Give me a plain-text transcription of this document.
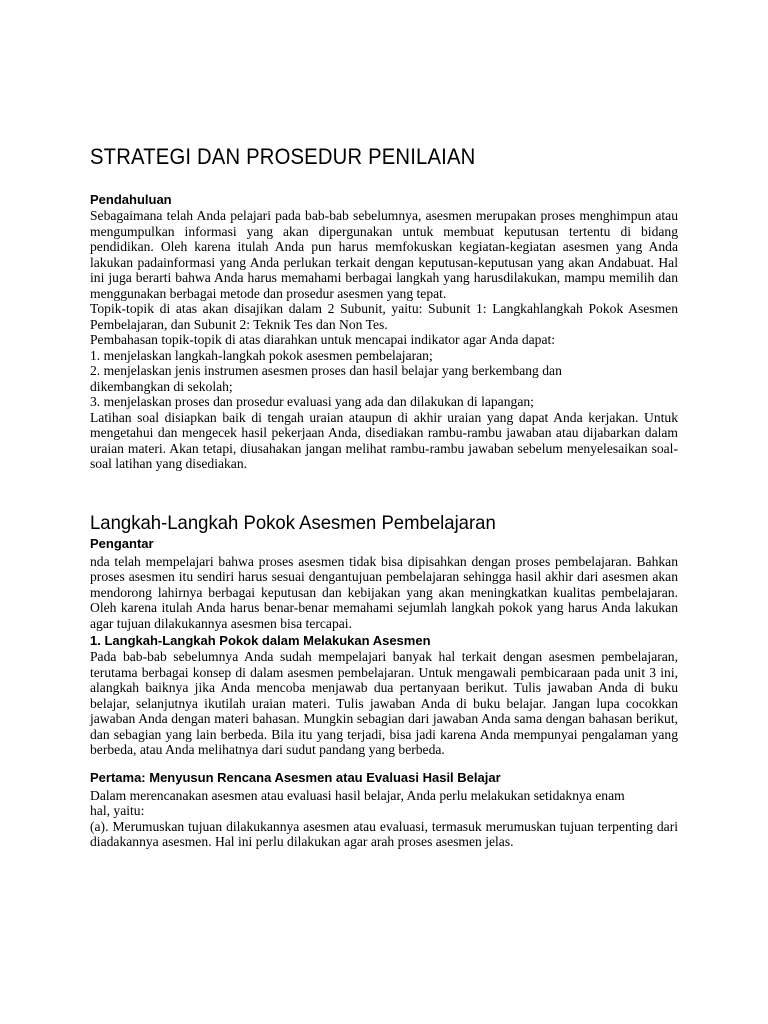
STRATEGI DAN PROSEDUR PENILAIAN

Pendahuluan

Sebagaimana telah Anda pelajari pada bab-bab sebelumnya, asesmen merupakan proses menghimpun atau mengumpulkan informasi yang akan dipergunakan untuk membuat keputusan tertentu di bidang pendidikan. Oleh karena itulah Anda pun harus memfokuskan kegiatan-kegiatan asesmen yang Anda lakukan padainformasi yang Anda perlukan terkait dengan keputusan-keputusan yang akan Andabuat. Hal ini juga berarti bahwa Anda harus memahami berbagai langkah yang harusdilakukan, mampu memilih dan menggunakan berbagai metode dan prosedur asesmen yang tepat.

Topik-topik di atas akan disajikan dalam 2 Subunit, yaitu: Subunit 1: Langkahlangkah Pokok Asesmen Pembelajaran, dan Subunit 2: Teknik Tes dan Non Tes.

Pembahasan topik-topik di atas diarahkan untuk mencapai indikator agar Anda dapat:

1. menjelaskan langkah-langkah pokok asesmen pembelajaran;

2. menjelaskan jenis instrumen asesmen proses dan hasil belajar yang berkembang dan

dikembangkan di sekolah;

3. menjelaskan proses dan prosedur evaluasi yang ada dan dilakukan di lapangan;

Latihan soal disiapkan baik di tengah uraian ataupun di akhir uraian yang dapat Anda kerjakan. Untuk mengetahui dan mengecek hasil pekerjaan Anda, disediakan rambu-rambu jawaban atau dijabarkan dalam uraian materi. Akan tetapi, diusahakan jangan melihat rambu-rambu jawaban sebelum menyelesaikan soal-soal latihan yang disediakan.

Langkah-Langkah Pokok Asesmen Pembelajaran

Pengantar

nda telah mempelajari bahwa proses asesmen tidak bisa dipisahkan dengan proses pembelajaran. Bahkan proses asesmen itu sendiri harus sesuai dengantujuan pembelajaran sehingga hasil akhir dari asesmen akan mendorong lahirnya berbagai keputusan dan kebijakan yang akan meningkatkan kualitas pembelajaran. Oleh karena itulah Anda harus benar-benar memahami sejumlah langkah pokok yang harus Anda lakukan agar tujuan dilakukannya asesmen bisa tercapai.

1. Langkah-Langkah Pokok dalam Melakukan Asesmen

Pada bab-bab sebelumnya Anda sudah mempelajari banyak hal terkait dengan asesmen pembelajaran, terutama berbagai konsep di dalam asesmen pembelajaran. Untuk mengawali pembicaraan pada unit 3 ini, alangkah baiknya jika Anda mencoba menjawab dua pertanyaan berikut. Tulis jawaban Anda di buku belajar, selanjutnya ikutilah uraian materi. Tulis jawaban Anda di buku belajar. Jangan lupa cocokkan jawaban Anda dengan materi bahasan. Mungkin sebagian dari jawaban Anda sama dengan bahasan berikut, dan sebagian yang lain berbeda. Bila itu yang terjadi, bisa jadi karena Anda mempunyai pengalaman yang berbeda, atau Anda melihatnya dari sudut pandang yang berbeda.

Pertama: Menyusun Rencana Asesmen atau Evaluasi Hasil Belajar

Dalam merencanakan asesmen atau evaluasi hasil belajar, Anda perlu melakukan setidaknya enam

hal, yaitu:

(a). Merumuskan tujuan dilakukannya asesmen atau evaluasi, termasuk merumuskan tujuan terpenting dari diadakannya asesmen. Hal ini perlu dilakukan agar arah proses asesmen jelas.
